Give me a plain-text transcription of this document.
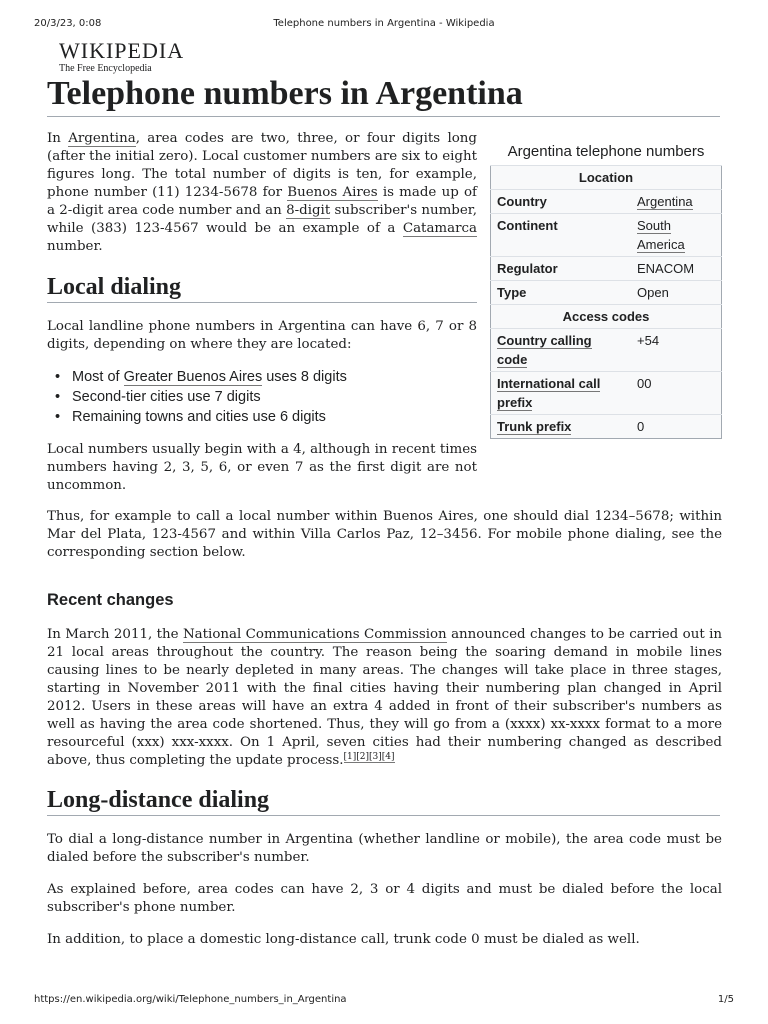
20/3/23, 0:08	Telephone numbers in Argentina - Wikipedia
WIKIPEDIA
The Free Encyclopedia
Telephone numbers in Argentina

In Argentina, area codes are two, three, or four digits long (after the initial zero). Local customer numbers are six to eight figures long. The total number of digits is ten, for example, phone number (11) 1234-5678 for Buenos Aires is made up of a 2-digit area code number and an 8-digit subscriber's number, while (383) 123-4567 would be an example of a Catamarca number.

Argentina telephone numbers
Location	
Country	Argentina
Continent	South America
Regulator	ENACOM
Type	Open
Access codes	
Country calling code	+54
International call prefix	00
Trunk prefix	0
Local dialing

Local landline phone numbers in Argentina can have 6, 7 or 8 digits, depending on where they are located:

• Most of Greater Buenos Aires uses 8 digits
• Second-tier cities use 7 digits
• Remaining towns and cities use 6 digits

Local numbers usually begin with a 4, although in recent times numbers having 2, 3, 5, 6, or even 7 as the first digit are not uncommon.

Thus, for example to call a local number within Buenos Aires, one should dial 1234–5678; within Mar del Plata, 123-4567 and within Villa Carlos Paz, 12–3456. For mobile phone dialing, see the corresponding section below.

Recent changes

In March 2011, the National Communications Commission announced changes to be carried out in 21 local areas throughout the country. The reason being the soaring demand in mobile lines causing lines to be nearly depleted in many areas. The changes will take place in three stages, starting in November 2011 with the final cities having their numbering plan changed in April 2012. Users in these areas will have an extra 4 added in front of their subscriber's numbers as well as having the area code shortened. Thus, they will go from a (xxxx) xx-xxxx format to a more resourceful (xxx) xxx-xxxx. On 1 April, seven cities had their numbering changed as described above, thus completing the update process.[1][2][3][4]

Long-distance dialing

To dial a long-distance number in Argentina (whether landline or mobile), the area code must be dialed before the subscriber's number.

As explained before, area codes can have 2, 3 or 4 digits and must be dialed before the local subscriber's phone number.

In addition, to place a domestic long-distance call, trunk code 0 must be dialed as well.

https://en.wikipedia.org/wiki/Telephone_numbers_in_Argentina	1/5
